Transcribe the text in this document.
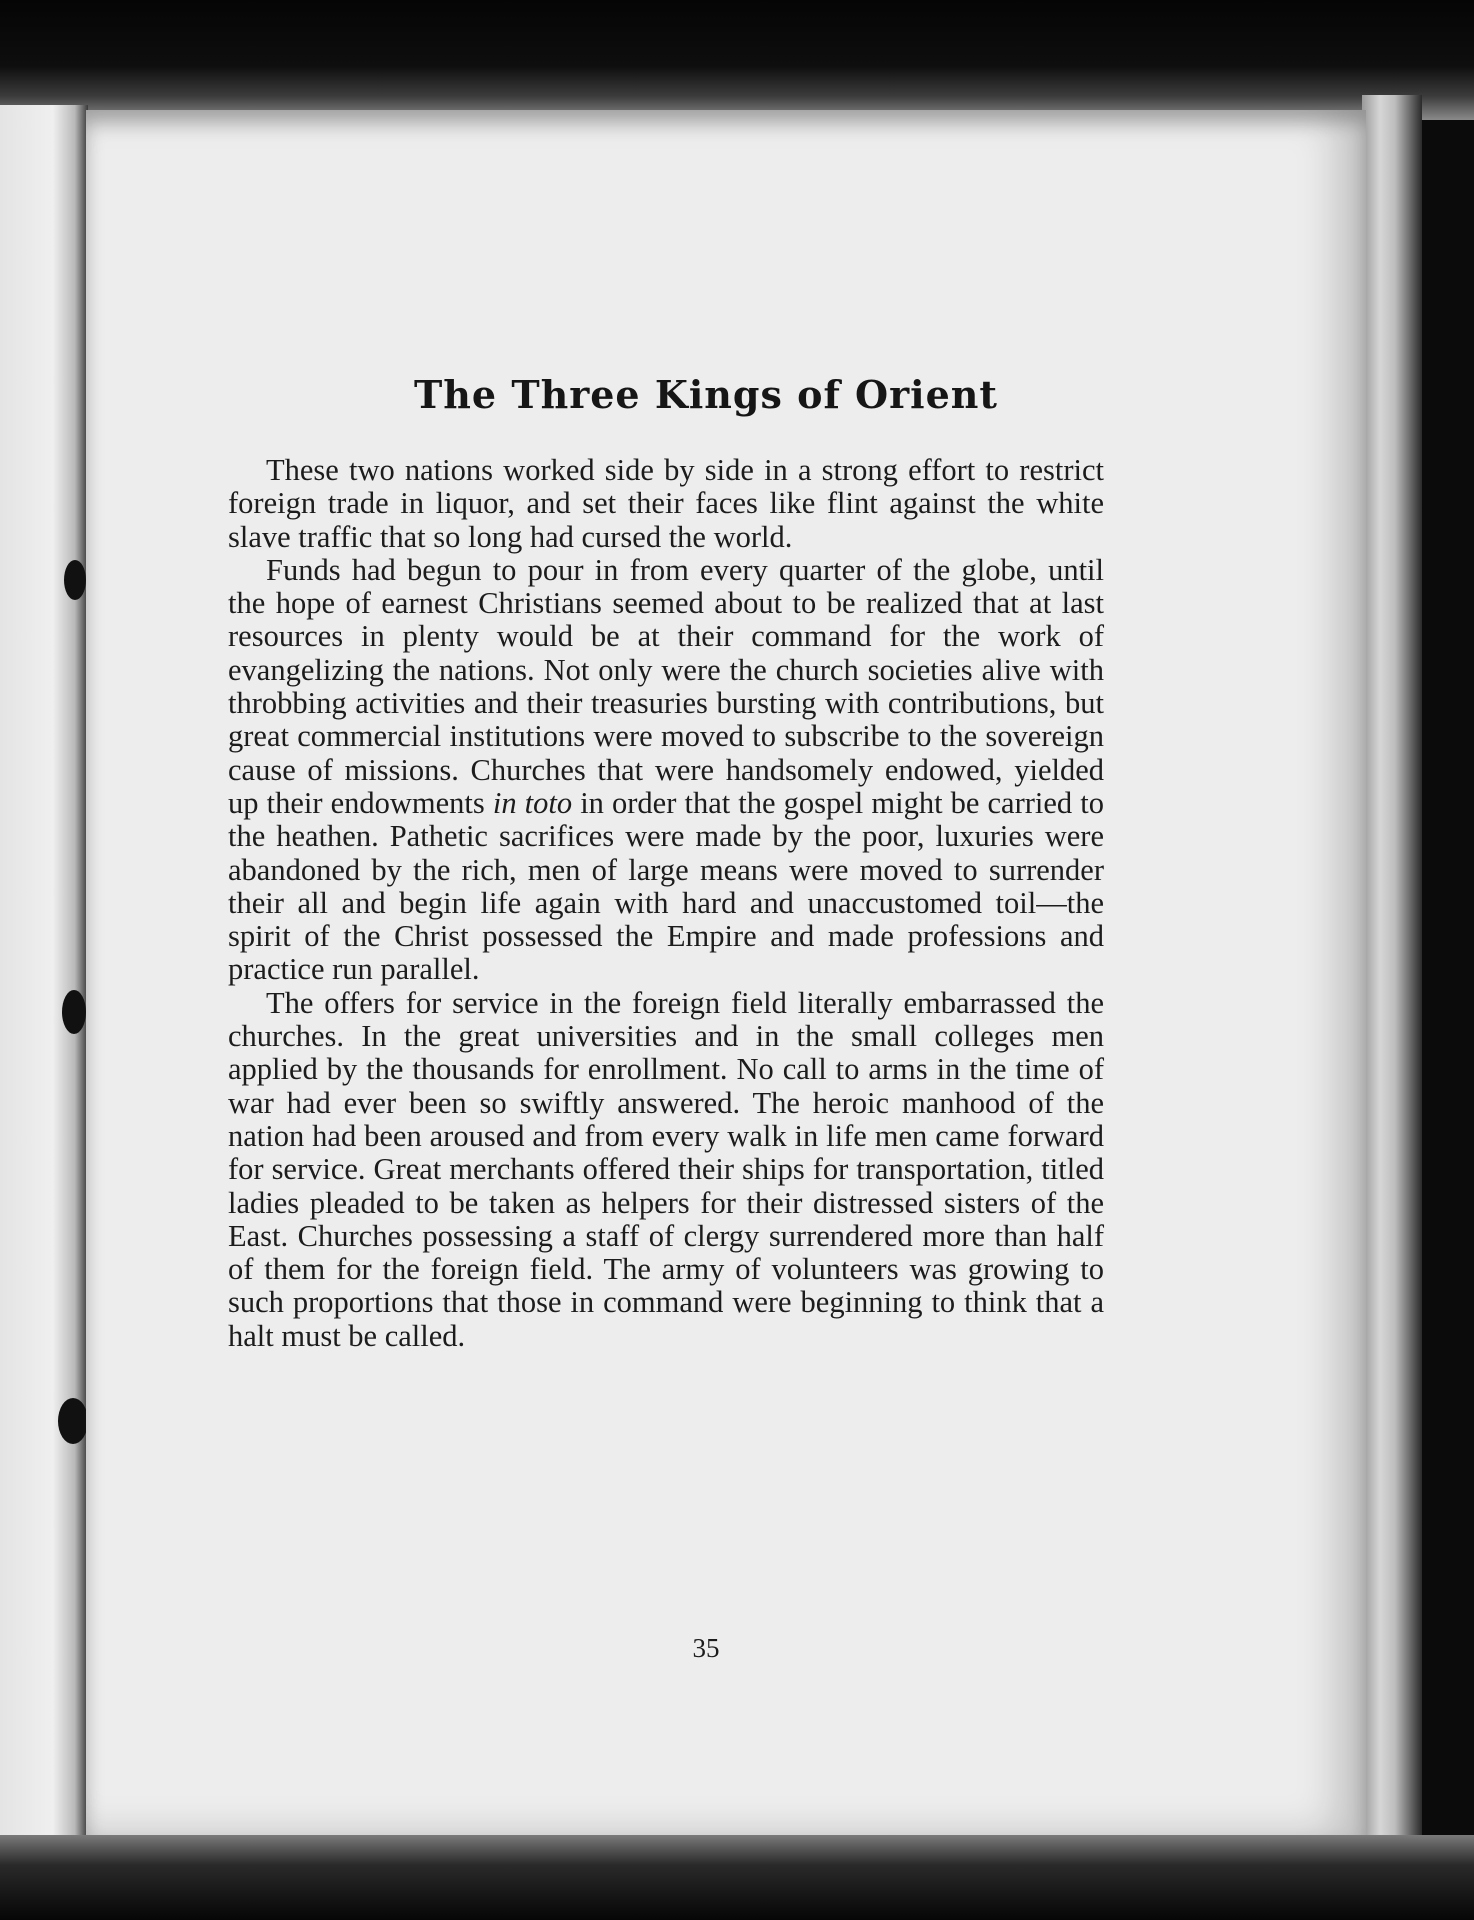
The Three Kings of Orient

These two nations worked side by side in a strong effort to restrict foreign trade in liquor, and set their faces like flint against the white slave traffic that so long had cursed the world.

Funds had begun to pour in from every quarter of the globe, until the hope of earnest Christians seemed about to be realized that at last resources in plenty would be at their command for the work of evangelizing the nations. Not only were the church societies alive with throbbing activities and their treasuries bursting with contributions, but great commercial institutions were moved to subscribe to the sovereign cause of missions. Churches that were handsomely endowed, yielded up their endowments in toto in order that the gospel might be carried to the heathen. Pathetic sacrifices were made by the poor, luxuries were abandoned by the rich, men of large means were moved to surrender their all and begin life again with hard and unaccustomed toil—the spirit of the Christ possessed the Empire and made professions and practice run parallel.

The offers for service in the foreign field literally embarrassed the churches. In the great universities and in the small colleges men applied by the thousands for enrollment. No call to arms in the time of war had ever been so swiftly answered. The heroic manhood of the nation had been aroused and from every walk in life men came forward for service. Great merchants offered their ships for transportation, titled ladies pleaded to be taken as helpers for their distressed sisters of the East. Churches possessing a staff of clergy surrendered more than half of them for the foreign field. The army of volunteers was growing to such proportions that those in command were beginning to think that a halt must be called.

35
